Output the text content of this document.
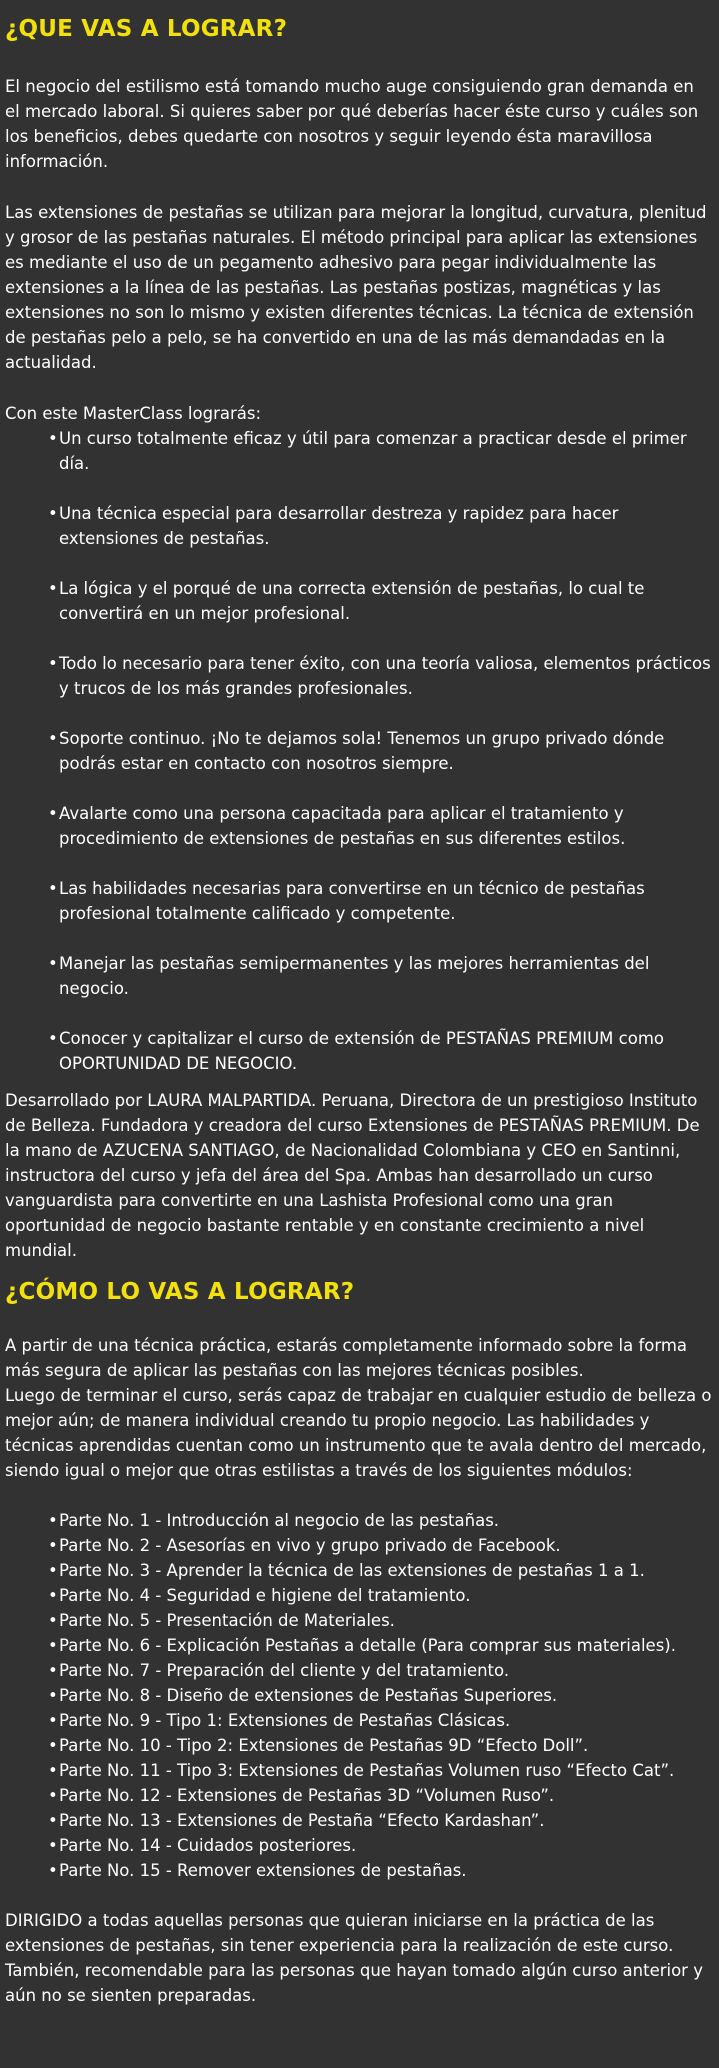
¿QUE VAS A LOGRAR?

El negocio del estilismo está tomando mucho auge consiguiendo gran demanda en el mercado laboral. Si quieres saber por qué deberías hacer éste curso y cuáles son los beneficios, debes quedarte con nosotros y seguir leyendo ésta maravillosa información.

Las extensiones de pestañas se utilizan para mejorar la longitud, curvatura, plenitud y grosor de las pestañas naturales. El método principal para aplicar las extensiones es mediante el uso de un pegamento adhesivo para pegar individualmente las extensiones a la línea de las pestañas. Las pestañas postizas, magnéticas y las extensiones no son lo mismo y existen diferentes técnicas. La técnica de extensión de pestañas pelo a pelo, se ha convertido en una de las más demandadas en la actualidad.

Con este MasterClass lograrás:

• Un curso totalmente eficaz y útil para comenzar a practicar desde el primer día.
• Una técnica especial para desarrollar destreza y rapidez para hacer extensiones de pestañas.
• La lógica y el porqué de una correcta extensión de pestañas, lo cual te convertirá en un mejor profesional.
• Todo lo necesario para tener éxito, con una teoría valiosa, elementos prácticos y trucos de los más grandes profesionales.
• Soporte continuo. ¡No te dejamos sola! Tenemos un grupo privado dónde podrás estar en contacto con nosotros siempre.
• Avalarte como una persona capacitada para aplicar el tratamiento y procedimiento de extensiones de pestañas en sus diferentes estilos.
• Las habilidades necesarias para convertirse en un técnico de pestañas profesional totalmente calificado y competente.
• Manejar las pestañas semipermanentes y las mejores herramientas del negocio.
• Conocer y capitalizar el curso de extensión de PESTAÑAS PREMIUM como OPORTUNIDAD DE NEGOCIO.

Desarrollado por LAURA MALPARTIDA. Peruana, Directora de un prestigioso Instituto de Belleza. Fundadora y creadora del curso Extensiones de PESTAÑAS PREMIUM. De la mano de AZUCENA SANTIAGO, de Nacionalidad Colombiana y CEO en Santinni, instructora del curso y jefa del área del Spa. Ambas han desarrollado un curso vanguardista para convertirte en una Lashista Profesional como una gran oportunidad de negocio bastante rentable y en constante crecimiento a nivel mundial.

¿CÓMO LO VAS A LOGRAR?

A partir de una técnica práctica, estarás completamente informado sobre la forma más segura de aplicar las pestañas con las mejores técnicas posibles.

Luego de terminar el curso, serás capaz de trabajar en cualquier estudio de belleza o mejor aún; de manera individual creando tu propio negocio. Las habilidades y técnicas aprendidas cuentan como un instrumento que te avala dentro del mercado, siendo igual o mejor que otras estilistas a través de los siguientes módulos:

• Parte No. 1 - Introducción al negocio de las pestañas.
• Parte No. 2 - Asesorías en vivo y grupo privado de Facebook.
• Parte No. 3 - Aprender la técnica de las extensiones de pestañas 1 a 1.
• Parte No. 4 - Seguridad e higiene del tratamiento.
• Parte No. 5 - Presentación de Materiales.
• Parte No. 6 - Explicación Pestañas a detalle (Para comprar sus materiales).
• Parte No. 7 - Preparación del cliente y del tratamiento.
• Parte No. 8 - Diseño de extensiones de Pestañas Superiores.
• Parte No. 9 - Tipo 1: Extensiones de Pestañas Clásicas.
• Parte No. 10 - Tipo 2: Extensiones de Pestañas 9D “Efecto Doll”.
• Parte No. 11 - Tipo 3: Extensiones de Pestañas Volumen ruso “Efecto Cat”.
• Parte No. 12 - Extensiones de Pestañas 3D “Volumen Ruso”.
• Parte No. 13 - Extensiones de Pestaña “Efecto Kardashan”.
• Parte No. 14 - Cuidados posteriores.
• Parte No. 15 - Remover extensiones de pestañas.

DIRIGIDO a todas aquellas personas que quieran iniciarse en la práctica de las extensiones de pestañas, sin tener experiencia para la realización de este curso. También, recomendable para las personas que hayan tomado algún curso anterior y aún no se sienten preparadas.
